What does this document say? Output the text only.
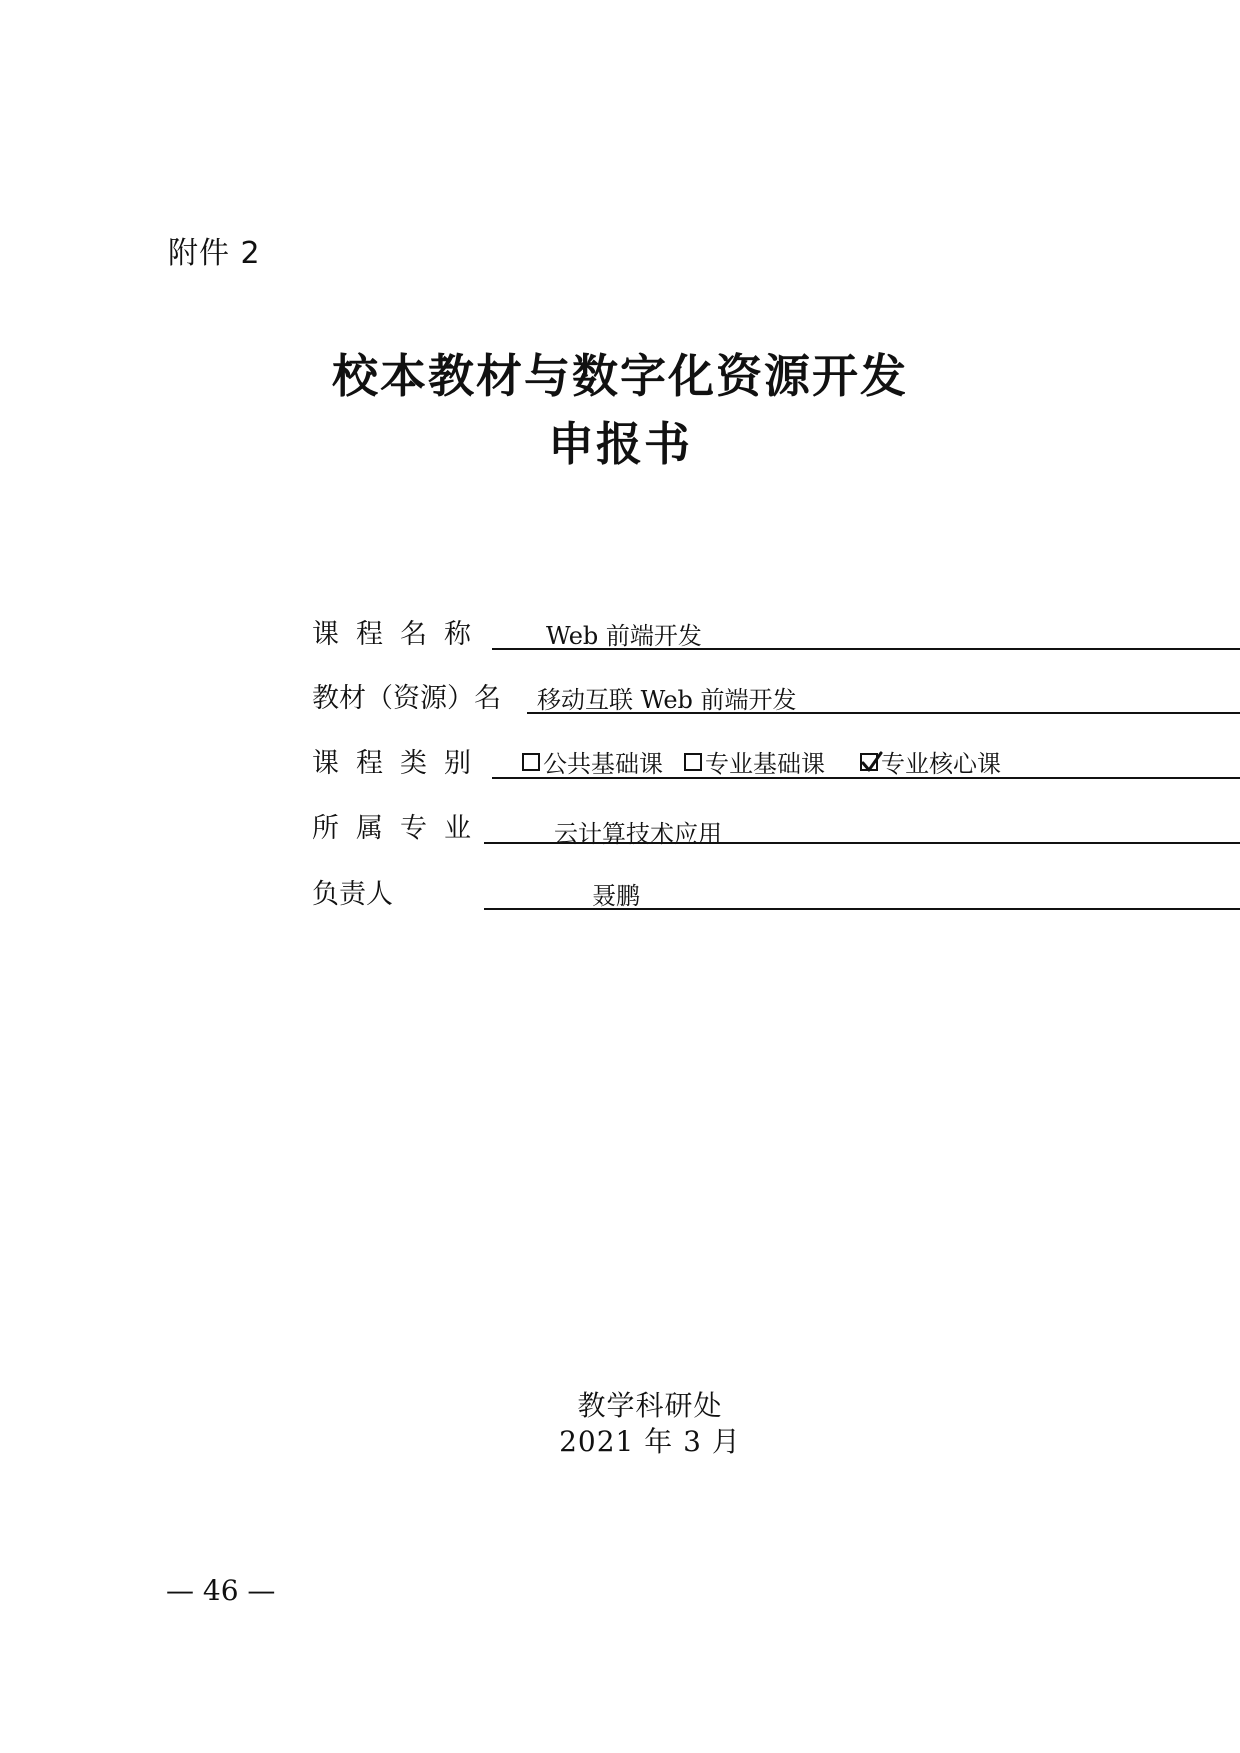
附件 2
校本教材与数字化资源开发
申报书
课程名称 Web 前端开发
教材（资源）名 移动互联 Web 前端开发
课程类别 公共基础课 专业基础课 专业核心课
所属专业	云计算技术应用
负责人	聂鹏
教学科研处
2021 年 3 月
— 46 —
